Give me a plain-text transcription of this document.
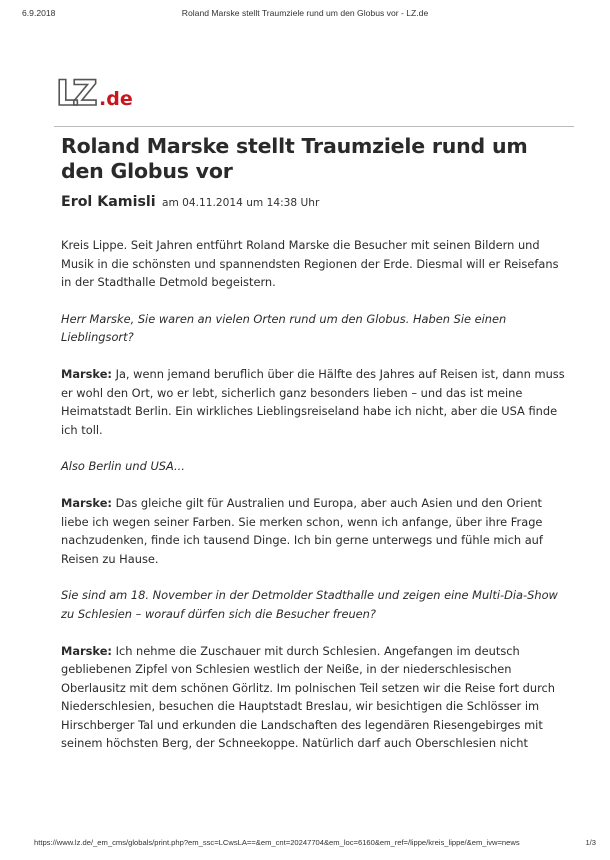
6.9.2018	Roland Marske stellt Traumziele rund um den Globus vor - LZ.de
LZ .de
Roland Marske stellt Traumziele rund um den Globus vor
Erol Kamisli am 04.11.2014 um 14:38 Uhr

Kreis Lippe. Seit Jahren entführt Roland Marske die Besucher mit seinen Bildern und Musik in die schönsten und spannendsten Regionen der Erde. Diesmal will er Reisefans in der Stadthalle Detmold begeistern.

Herr Marske, Sie waren an vielen Orten rund um den Globus. Haben Sie einen Lieblingsort?

Marske: Ja, wenn jemand beruflich über die Hälfte des Jahres auf Reisen ist, dann muss er wohl den Ort, wo er lebt, sicherlich ganz besonders lieben – und das ist meine Heimatstadt Berlin. Ein wirkliches Lieblingsreiseland habe ich nicht, aber die USA finde ich toll.

Also Berlin und USA...

Marske: Das gleiche gilt für Australien und Europa, aber auch Asien und den Orient liebe ich wegen seiner Farben. Sie merken schon, wenn ich anfange, über ihre Frage nachzudenken, finde ich tausend Dinge. Ich bin gerne unterwegs und fühle mich auf Reisen zu Hause.

Sie sind am 18. November in der Detmolder Stadthalle und zeigen eine Multi-Dia-Show zu Schlesien – worauf dürfen sich die Besucher freuen?

Marske: Ich nehme die Zuschauer mit durch Schlesien. Angefangen im deutsch gebliebenen Zipfel von Schlesien westlich der Neiße, in der niederschlesischen Oberlausitz mit dem schönen Görlitz. Im polnischen Teil setzen wir die Reise fort durch Niederschlesien, besuchen die Hauptstadt Breslau, wir besichtigen die Schlösser im Hirschberger Tal und erkunden die Landschaften des legendären Riesengebirges mit seinem höchsten Berg, der Schneekoppe. Natürlich darf auch Oberschlesien nicht

https://www.lz.de/_em_cms/globals/print.php?em_ssc=LCwsLA==&em_cnt=20247704&em_loc=6160&em_ref=/lippe/kreis_lippe/&em_ivw=news	1/3
